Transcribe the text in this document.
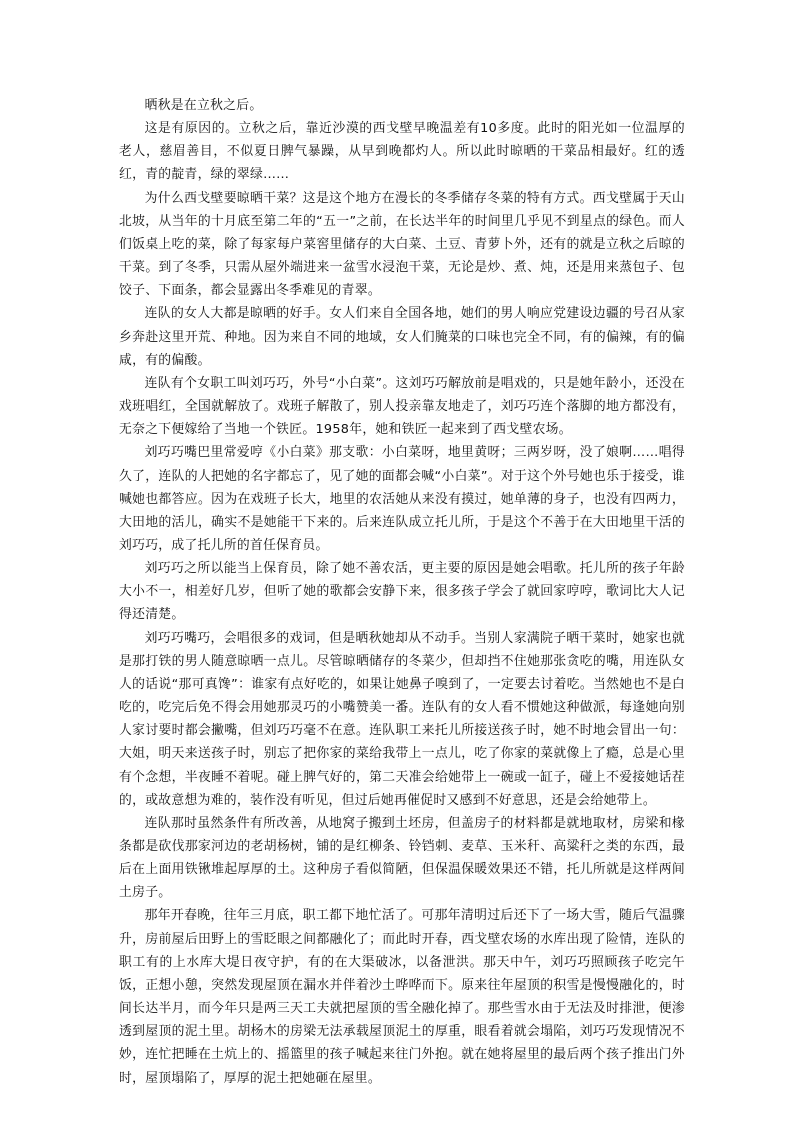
晒秋是在立秋之后。

这是有原因的。立秋之后，靠近沙漠的西戈壁早晚温差有10多度。此时的阳光如一位温厚的老人，慈眉善目，不似夏日脾气暴躁，从早到晚都灼人。所以此时晾晒的干菜品相最好。红的透红，青的靛青，绿的翠绿……

为什么西戈壁要晾晒干菜？这是这个地方在漫长的冬季储存冬菜的特有方式。西戈壁属于天山北坡，从当年的十月底至第二年的“五一”之前，在长达半年的时间里几乎见不到星点的绿色。而人们饭桌上吃的菜，除了每家每户菜窖里储存的大白菜、土豆、青萝卜外，还有的就是立秋之后晾的干菜。到了冬季，只需从屋外端进来一盆雪水浸泡干菜，无论是炒、煮、炖，还是用来蒸包子、包饺子、下面条，都会显露出冬季难见的青翠。

连队的女人大都是晾晒的好手。女人们来自全国各地，她们的男人响应党建设边疆的号召从家乡奔赴这里开荒、种地。因为来自不同的地域，女人们腌菜的口味也完全不同，有的偏辣，有的偏咸，有的偏酸。

连队有个女职工叫刘巧巧，外号“小白菜”。这刘巧巧解放前是唱戏的，只是她年龄小，还没在戏班唱红，全国就解放了。戏班子解散了，别人投亲靠友地走了，刘巧巧连个落脚的地方都没有，无奈之下便嫁给了当地一个铁匠。1958年，她和铁匠一起来到了西戈壁农场。

刘巧巧嘴巴里常爱哼《小白菜》那支歌：小白菜呀，地里黄呀；三两岁呀，没了娘啊……唱得久了，连队的人把她的名字都忘了，见了她的面都会喊“小白菜”。对于这个外号她也乐于接受，谁喊她也都答应。因为在戏班子长大，地里的农活她从来没有摸过，她单薄的身子，也没有四两力，大田地的活儿，确实不是她能干下来的。后来连队成立托儿所，于是这个不善于在大田地里干活的刘巧巧，成了托儿所的首任保育员。

刘巧巧之所以能当上保育员，除了她不善农活，更主要的原因是她会唱歌。托儿所的孩子年龄大小不一，相差好几岁，但听了她的歌都会安静下来，很多孩子学会了就回家哼哼，歌词比大人记得还清楚。

刘巧巧嘴巧，会唱很多的戏词，但是晒秋她却从不动手。当别人家满院子晒干菜时，她家也就是那打铁的男人随意晾晒一点儿。尽管晾晒储存的冬菜少，但却挡不住她那张贪吃的嘴，用连队女人的话说“那可真馋”：谁家有点好吃的，如果让她鼻子嗅到了，一定要去讨着吃。当然她也不是白吃的，吃完后免不得会用她那灵巧的小嘴赞美一番。连队有的女人看不惯她这种做派，每逢她向别人家讨要时都会撇嘴，但刘巧巧毫不在意。连队职工来托儿所接送孩子时，她不时地会冒出一句：大姐，明天来送孩子时，别忘了把你家的菜给我带上一点儿，吃了你家的菜就像上了瘾，总是心里有个念想，半夜睡不着呢。碰上脾气好的，第二天准会给她带上一碗或一缸子，碰上不爱接她话茬的，或故意想为难的，装作没有听见，但过后她再催促时又感到不好意思，还是会给她带上。

连队那时虽然条件有所改善，从地窝子搬到土坯房，但盖房子的材料都是就地取材，房梁和椽条都是砍伐那家河边的老胡杨树，铺的是红柳条、铃铛刺、麦草、玉米秆、高粱秆之类的东西，最后在上面用铁锹堆起厚厚的土。这种房子看似简陋，但保温保暖效果还不错，托儿所就是这样两间土房子。

那年开春晚，往年三月底，职工都下地忙活了。可那年清明过后还下了一场大雪，随后气温骤升，房前屋后田野上的雪眨眼之间都融化了；而此时开春，西戈壁农场的水库出现了险情，连队的职工有的上水库大堤日夜守护，有的在大渠破冰，以备泄洪。那天中午，刘巧巧照顾孩子吃完午饭，正想小憩，突然发现屋顶在漏水并伴着沙土哗哗而下。原来往年屋顶的积雪是慢慢融化的，时间长达半月，而今年只是两三天工夫就把屋顶的雪全融化掉了。那些雪水由于无法及时排泄，便渗透到屋顶的泥土里。胡杨木的房梁无法承载屋顶泥土的厚重，眼看着就会塌陷，刘巧巧发现情况不妙，连忙把睡在土炕上的、摇篮里的孩子喊起来往门外抱。就在她将屋里的最后两个孩子推出门外时，屋顶塌陷了，厚厚的泥土把她砸在屋里。
